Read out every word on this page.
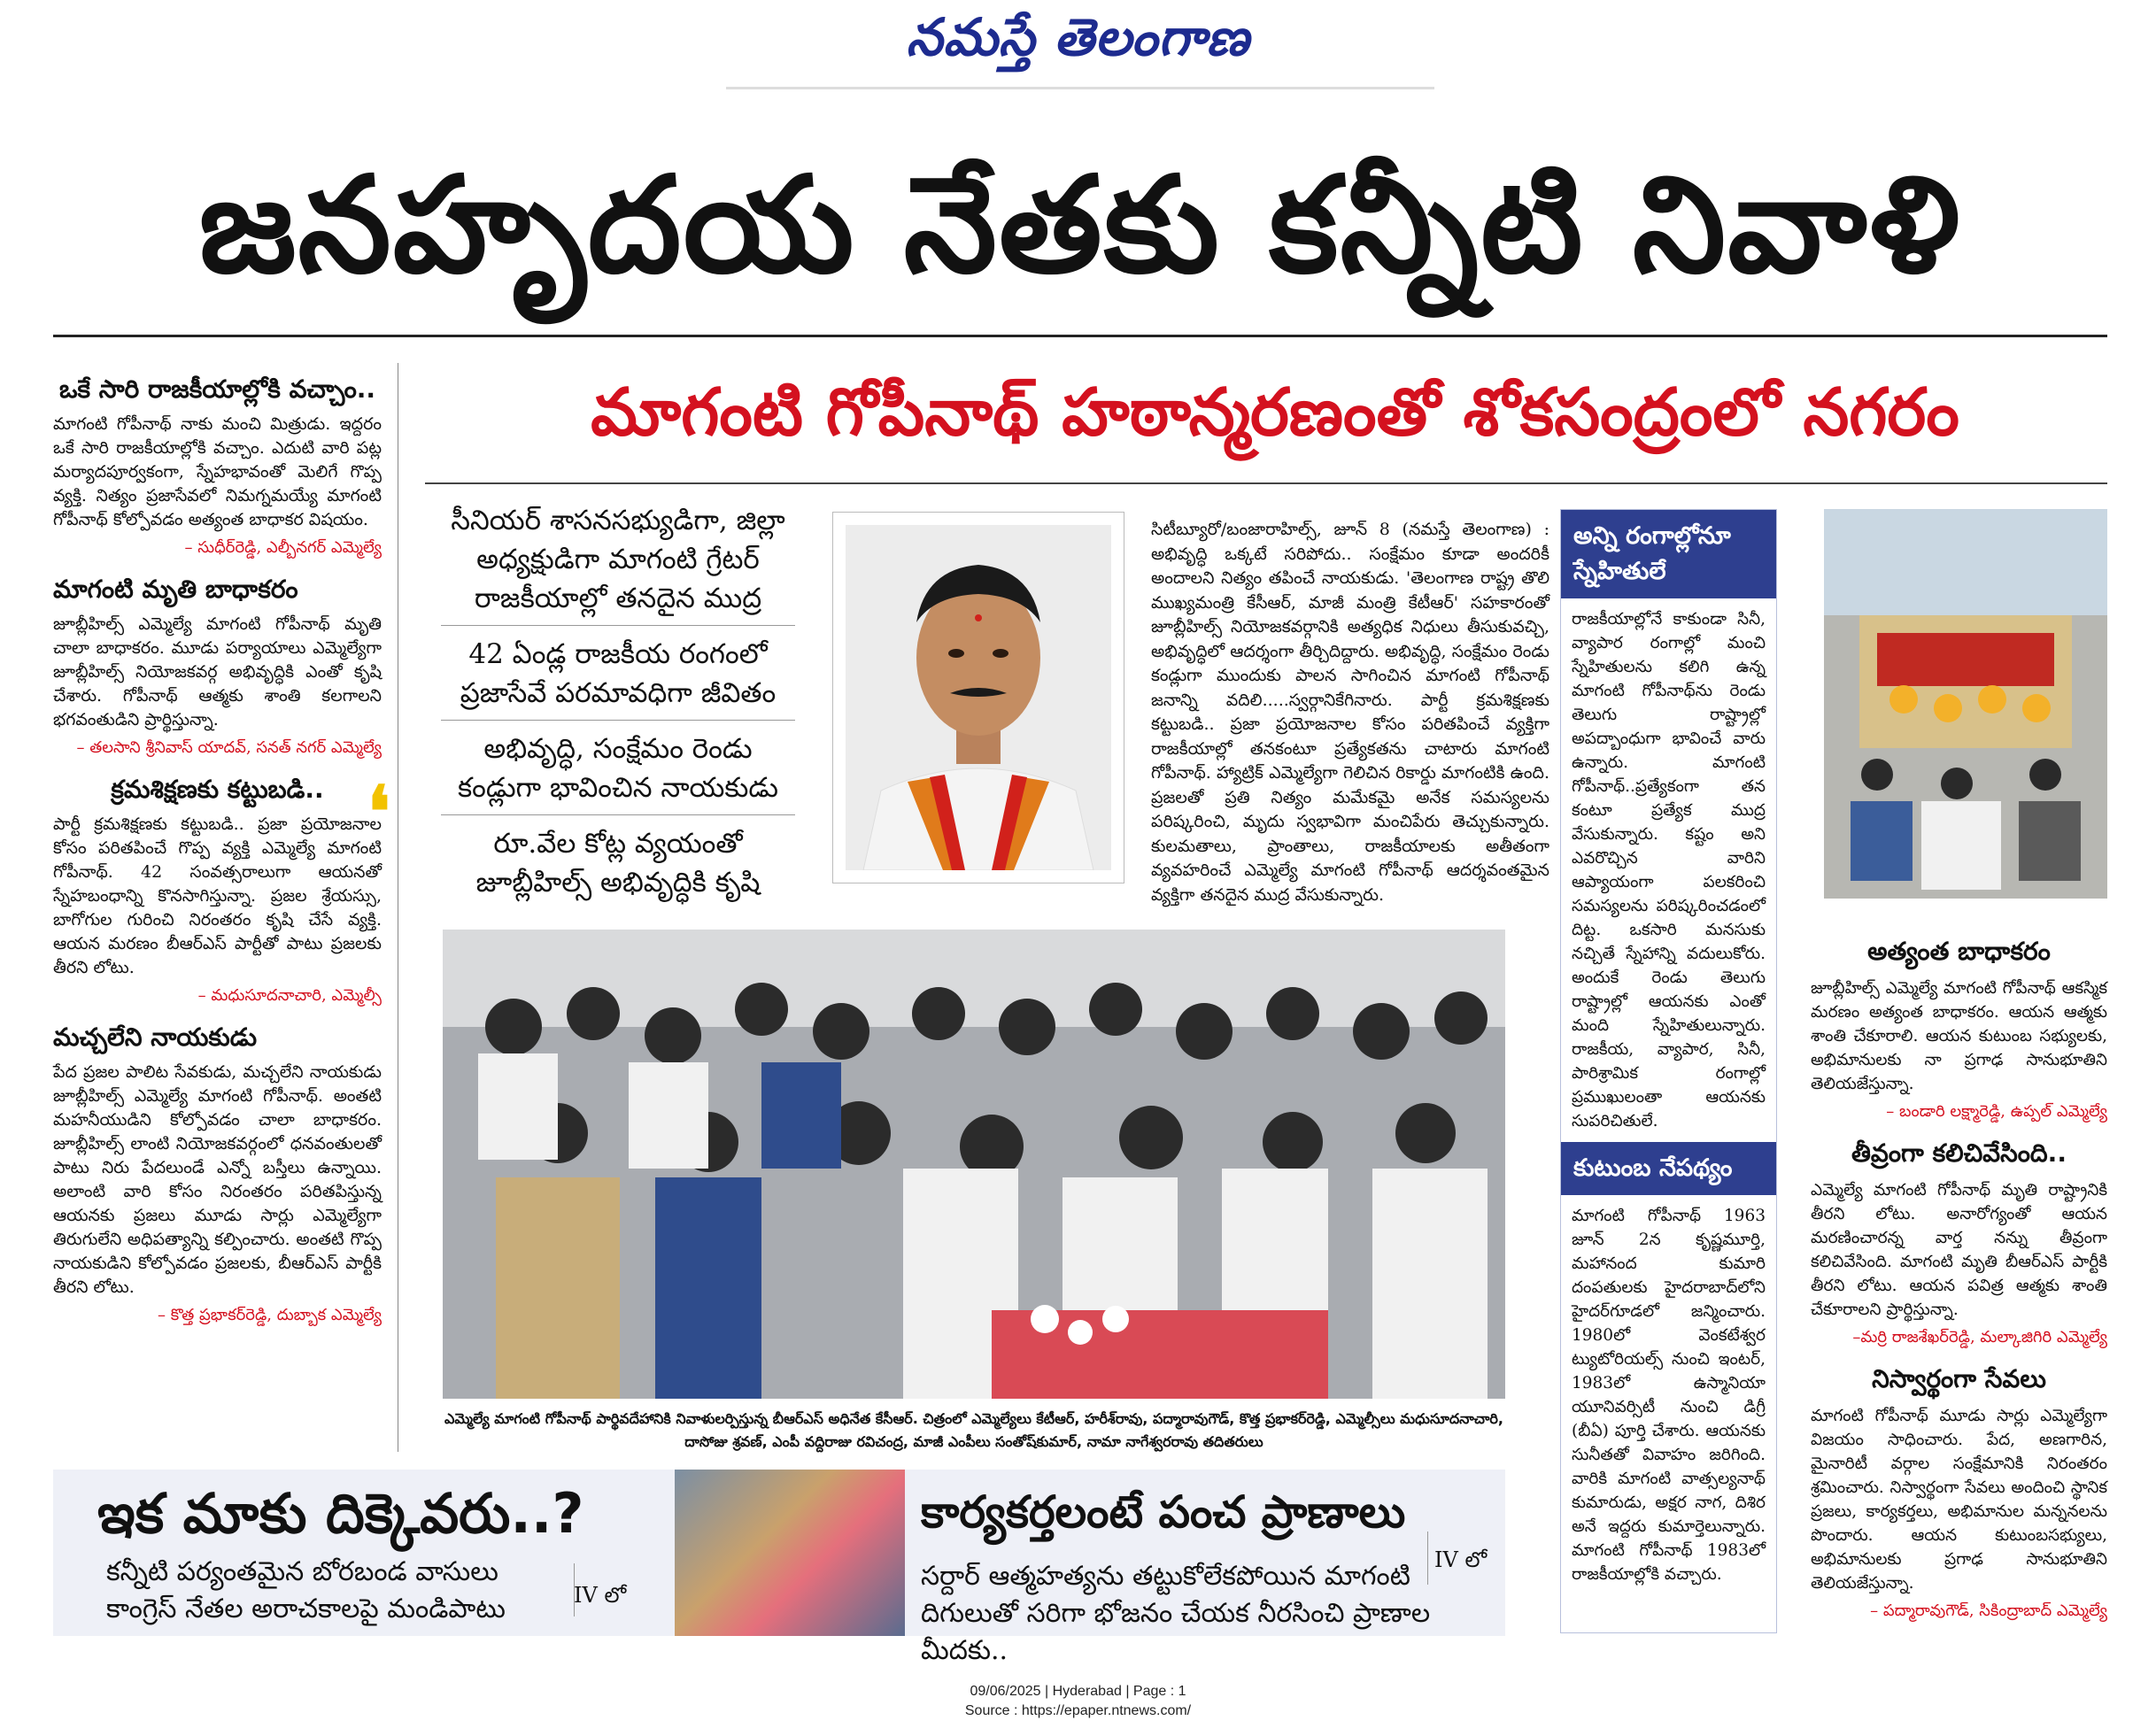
నమస్తే తెలంగాణ
జనహృదయ నేతకు కన్నీటి నివాళి
మాగంటి గోపీనాథ్ హఠాన్మరణంతో శోకసంద్రంలో నగరం
ఒకే సారి రాజకీయాల్లోకి వచ్చాం..

మాగంటి గోపీనాథ్ నాకు మంచి మిత్రుడు. ఇద్దరం ఒకే సారి రాజకీయాల్లోకి వచ్చాం. ఎదుటి వారి పట్ల మర్యాదపూర్వకంగా, స్నేహభావంతో మెలిగే గొప్ప వ్యక్తి. నిత్యం ప్రజాసేవలో నిమగ్నమయ్యే మాగంటి గోపీనాథ్ కోల్పోవడం అత్యంత బాధాకర విషయం.

– సుధీర్‌రెడ్డి, ఎల్బీనగర్ ఎమ్మెల్యే

మాగంటి మృతి బాధాకరం

జూబ్లీహిల్స్ ఎమ్మెల్యే మాగంటి గోపీనాథ్ మృతి చాలా బాధాకరం. మూడు పర్యాయాలు ఎమ్మెల్యేగా జూబ్లీహిల్స్ నియోజకవర్గ అభివృద్ధికి ఎంతో కృషి చేశారు. గోపీనాథ్ ఆత్మకు శాంతి కలగాలని భగవంతుడిని ప్రార్థిస్తున్నా.

– తలసాని శ్రీనివాస్ యాదవ్, సనత్ నగర్ ఎమ్మెల్యే

క్రమశిక్షణకు కట్టుబడి..

పార్టీ క్రమశిక్షణకు కట్టుబడి.. ప్రజా ప్రయోజనాల కోసం పరితపించే గొప్ప వ్యక్తి ఎమ్మెల్యే మాగంటి గోపీనాథ్. 42 సంవత్సరాలుగా ఆయనతో స్నేహబంధాన్ని కొనసాగిస్తున్నా. ప్రజల శ్రేయస్సు, బాగోగుల గురించి నిరంతరం కృషి చేసే వ్యక్తి. ఆయన మరణం బీఆర్‌ఎస్ పార్టీతో పాటు ప్రజలకు తీరని లోటు.

– మధుసూదనాచారి, ఎమ్మెల్సీ

మచ్చలేని నాయకుడు

పేద ప్రజల పాలిట సేవకుడు, మచ్చలేని నాయకుడు జూబ్లీహిల్స్ ఎమ్మెల్యే మాగంటి గోపీనాథ్. అంతటి మహనీయుడిని కోల్పోవడం చాలా బాధాకరం. జూబ్లీహిల్స్ లాంటి నియోజకవర్గంలో ధనవంతులతో పాటు నిరు పేదలుండే ఎన్నో బస్తీలు ఉన్నాయి. అలాంటి వారి కోసం నిరంతరం పరితపిస్తున్న ఆయనకు ప్రజలు మూడు సార్లు ఎమ్మెల్యేగా తిరుగులేని అధిపత్యాన్ని కల్పించారు. అంతటి గొప్ప నాయకుడిని కోల్పోవడం ప్రజలకు, బీఆర్‌ఎస్ పార్టీకి తీరని లోటు.

– కొత్త ప్రభాకర్‌రెడ్డి, దుబ్బాక ఎమ్మెల్యే

❛
సీనియర్ శాసనసభ్యుడిగా, జిల్లా అధ్యక్షుడిగా మాగంటి గ్రేటర్ రాజకీయాల్లో తనదైన ముద్ర
42 ఏండ్ల రాజకీయ రంగంలో ప్రజాసేవే పరమావధిగా జీవితం
అభివృద్ధి, సంక్షేమం రెండు కండ్లుగా భావించిన నాయకుడు
రూ.వేల కోట్ల వ్యయంతో జూబ్లీహిల్స్ అభివృద్ధికి కృషి
సిటీబ్యూరో/బంజారాహిల్స్, జూన్ 8 (నమస్తే తెలంగాణ) : అభివృద్ధి ఒక్కటే సరిపోదు.. సంక్షేమం కూడా అందరికీ అందాలని నిత్యం తపించే నాయకుడు. 'తెలంగాణ రాష్ట్ర తొలి ముఖ్యమంత్రి కేసీఆర్, మాజీ మంత్రి కేటీఆర్' సహకారంతో జూబ్లీహిల్స్ నియోజకవర్గానికి అత్యధిక నిధులు తీసుకువచ్చి, అభివృద్ధిలో ఆదర్శంగా తీర్చిదిద్దారు. అభివృద్ధి, సంక్షేమం రెండు కండ్లుగా ముందుకు పాలన సాగించిన మాగంటి గోపీనాథ్ జనాన్ని వదిలి.....స్వర్గానికేగినారు. పార్టీ క్రమశిక్షణకు కట్టుబడి.. ప్రజా ప్రయోజనాల కోసం పరితపించే వ్యక్తిగా రాజకీయాల్లో తనకంటూ ప్రత్యేకతను చాటారు మాగంటి గోపీనాథ్. హ్యాట్రిక్ ఎమ్మెల్యేగా గెలిచిన రికార్డు మాగంటికి ఉంది. ప్రజలతో ప్రతి నిత్యం మమేకమై అనేక సమస్యలను పరిష్కరించి, మృదు స్వభావిగా మంచిపేరు తెచ్చుకున్నారు. కులమతాలు, ప్రాంతాలు, రాజకీయాలకు అతీతంగా వ్యవహరించే ఎమ్మెల్యే మాగంటి గోపీనాథ్ ఆదర్శవంతమైన వ్యక్తిగా తనదైన ముద్ర వేసుకున్నారు.
ఎమ్మెల్యే మాగంటి గోపీనాథ్ పార్థివదేహానికి నివాళులర్పిస్తున్న బీఆర్‌ఎస్ అధినేత కేసీఆర్. చిత్రంలో ఎమ్మెల్యేలు కేటీఆర్, హరీశ్‌రావు, పద్మారావుగౌడ్, కొత్త ప్రభాకర్‌రెడ్డి, ఎమ్మెల్సీలు మధుసూదనాచారి, దాసోజు శ్రవణ్, ఎంపీ వద్దిరాజు రవిచంద్ర, మాజీ ఎంపీలు సంతోష్‌కుమార్, నామా నాగేశ్వరరావు తదితరులు
అన్ని రంగాల్లోనూ స్నేహితులే
రాజకీయాల్లోనే కాకుండా సినీ, వ్యాపార రంగాల్లో మంచి స్నేహితులను కలిగి ఉన్న మాగంటి గోపీనాథ్‌ను రెండు తెలుగు రాష్ట్రాల్లో అపద్బాంధుగా భావించే వారు ఉన్నారు. మాగంటి గోపీనాథ్..ప్రత్యేకంగా తన కంటూ ప్రత్యేక ముద్ర వేసుకున్నారు. కష్టం అని ఎవరొచ్చిన వారిని ఆప్యాయంగా పలకరించి సమస్యలను పరిష్కరించడంలో దిట్ట. ఒకసారి మనసుకు నచ్చితే స్నేహాన్ని వదులుకోరు. అందుకే రెండు తెలుగు రాష్ట్రాల్లో ఆయనకు ఎంతో మంది స్నేహితులున్నారు. రాజకీయ, వ్యాపార, సినీ, పారిశ్రామిక రంగాల్లో ప్రముఖులంతా ఆయనకు సుపరిచితులే.
కుటుంబ నేపథ్యం
మాగంటి గోపీనాథ్ 1963 జూన్ 2న కృష్ణమూర్తి, మహానంద కుమారి దంపతులకు హైదరాబాద్‌లోని హైదర్‌గూడలో జన్మించారు. 1980లో వెంకటేశ్వర ట్యుటోరియల్స్ నుంచి ఇంటర్, 1983లో ఉస్మానియా యూనివర్సిటీ నుంచి డిగ్రీ (బీఏ) పూర్తి చేశారు. ఆయనకు సునీతతో వివాహం జరిగింది. వారికి మాగంటి వాత్సల్యనాథ్ కుమారుడు, అక్షర నాగ, దిశిర అనే ఇద్దరు కుమార్తెలున్నారు. మాగంటి గోపీనాథ్ 1983లో రాజకీయాల్లోకి వచ్చారు.
అత్యంత బాధాకరం

జూబ్లీహిల్స్ ఎమ్మెల్యే మాగంటి గోపీనాథ్ ఆకస్మిక మరణం అత్యంత బాధాకరం. ఆయన ఆత్మకు శాంతి చేకూరాలి. ఆయన కుటుంబ సభ్యులకు, అభిమానులకు నా ప్రగాఢ సానుభూతిని తెలియజేస్తున్నా.

– బండారి లక్ష్మారెడ్డి, ఉప్పల్ ఎమ్మెల్యే

తీవ్రంగా కలిచివేసింది..

ఎమ్మెల్యే మాగంటి గోపీనాథ్ మృతి రాష్ట్రానికి తీరని లోటు. అనారోగ్యంతో ఆయన మరణించారన్న వార్త నన్ను తీవ్రంగా కలిచివేసింది. మాగంటి మృతి బీఆర్‌ఎస్ పార్టీకి తీరని లోటు. ఆయన పవిత్ర ఆత్మకు శాంతి చేకూరాలని ప్రార్థిస్తున్నా.

–మర్రి రాజశేఖర్‌రెడ్డి, మల్కాజిగిరి ఎమ్మెల్యే

నిస్వార్థంగా సేవలు

మాగంటి గోపీనాథ్ మూడు సార్లు ఎమ్మెల్యేగా విజయం సాధించారు. పేద, అణగారిన, మైనారిటీ వర్గాల సంక్షేమానికి నిరంతరం శ్రమించారు. నిస్వార్థంగా సేవలు అందించి స్థానిక ప్రజలు, కార్యకర్తలు, అభిమానుల మన్ననలను పొందారు. ఆయన కుటుంబసభ్యులు, అభిమానులకు ప్రగాఢ సానుభూతిని తెలియజేస్తున్నా.

– పద్మారావుగౌడ్, సికింద్రాబాద్ ఎమ్మెల్యే

ఇక మాకు దిక్కెవరు..?
కన్నీటి పర్యంతమైన బోరబండ వాసులు కాంగ్రెస్ నేతల అరాచకాలపై మండిపాటు	IV లో
కార్యకర్తలంటే పంచ ప్రాణాలు
సర్దార్ ఆత్మహత్యను తట్టుకోలేకపోయిన మాగంటి దిగులుతో సరిగా భోజనం చేయక నీరసించి ప్రాణాల మీదకు..
IV లో
09/06/2025 | Hyderabad | Page : 1
Source : https://epaper.ntnews.com/
